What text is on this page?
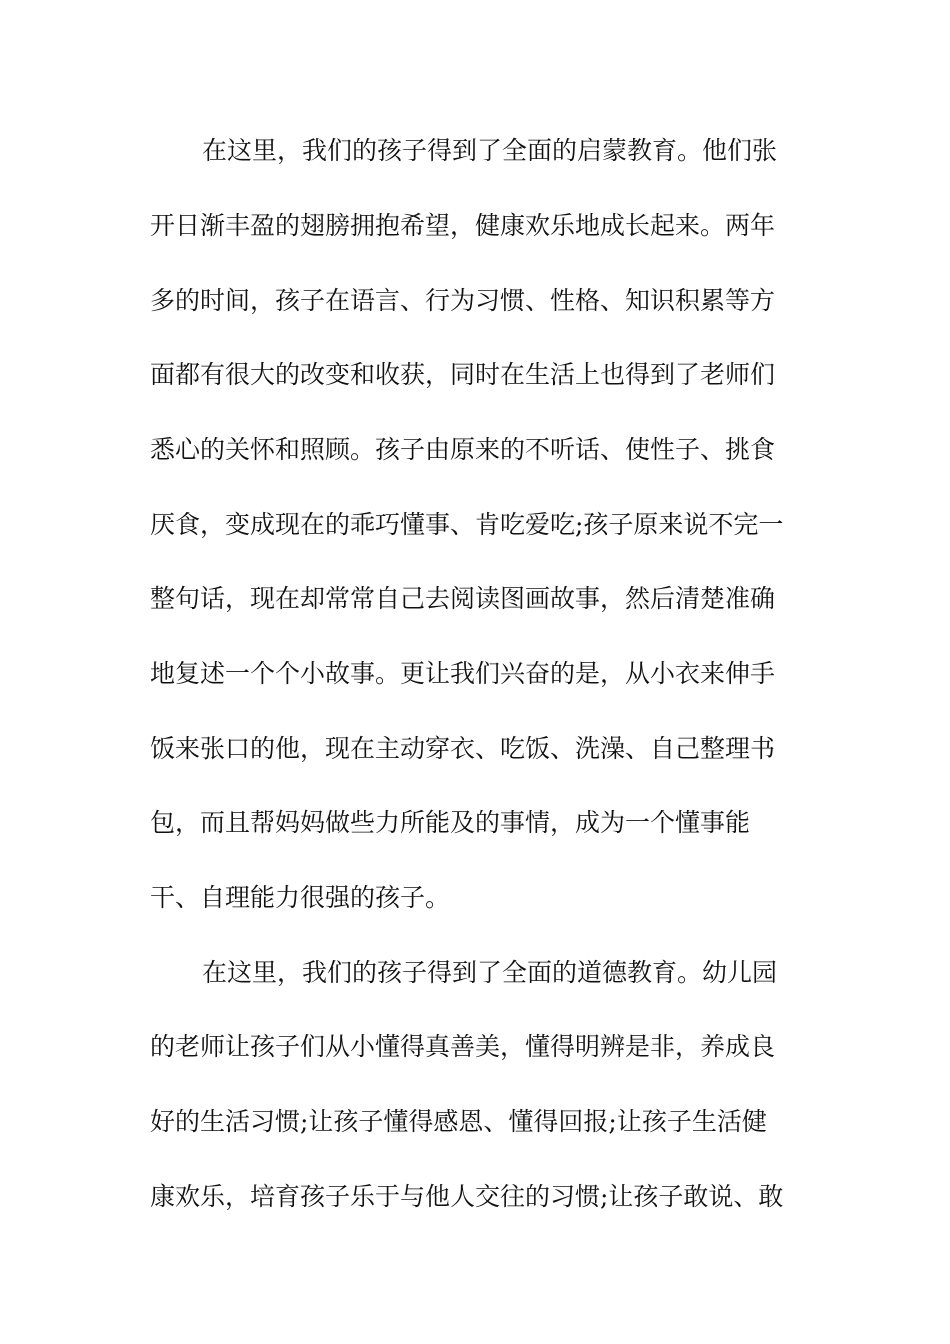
在这里，我们的孩子得到了全面的启蒙教育。他们张
开日渐丰盈的翅膀拥抱希望，健康欢乐地成长起来。两年
多的时间，孩子在语言、行为习惯、性格、知识积累等方
面都有很大的改变和收获，同时在生活上也得到了老师们
悉心的关怀和照顾。孩子由原来的不听话、使性子、挑食
厌食，变成现在的乖巧懂事、肯吃爱吃;孩子原来说不完一
整句话，现在却常常自己去阅读图画故事，然后清楚准确
地复述一个个小故事。更让我们兴奋的是，从小衣来伸手
饭来张口的他，现在主动穿衣、吃饭、洗澡、自己整理书
包，而且帮妈妈做些力所能及的事情，成为一个懂事能
干、自理能力很强的孩子。
在这里，我们的孩子得到了全面的道德教育。幼儿园
的老师让孩子们从小懂得真善美，懂得明辨是非，养成良
好的生活习惯;让孩子懂得感恩、懂得回报;让孩子生活健
康欢乐，培育孩子乐于与他人交往的习惯;让孩子敢说、敢
